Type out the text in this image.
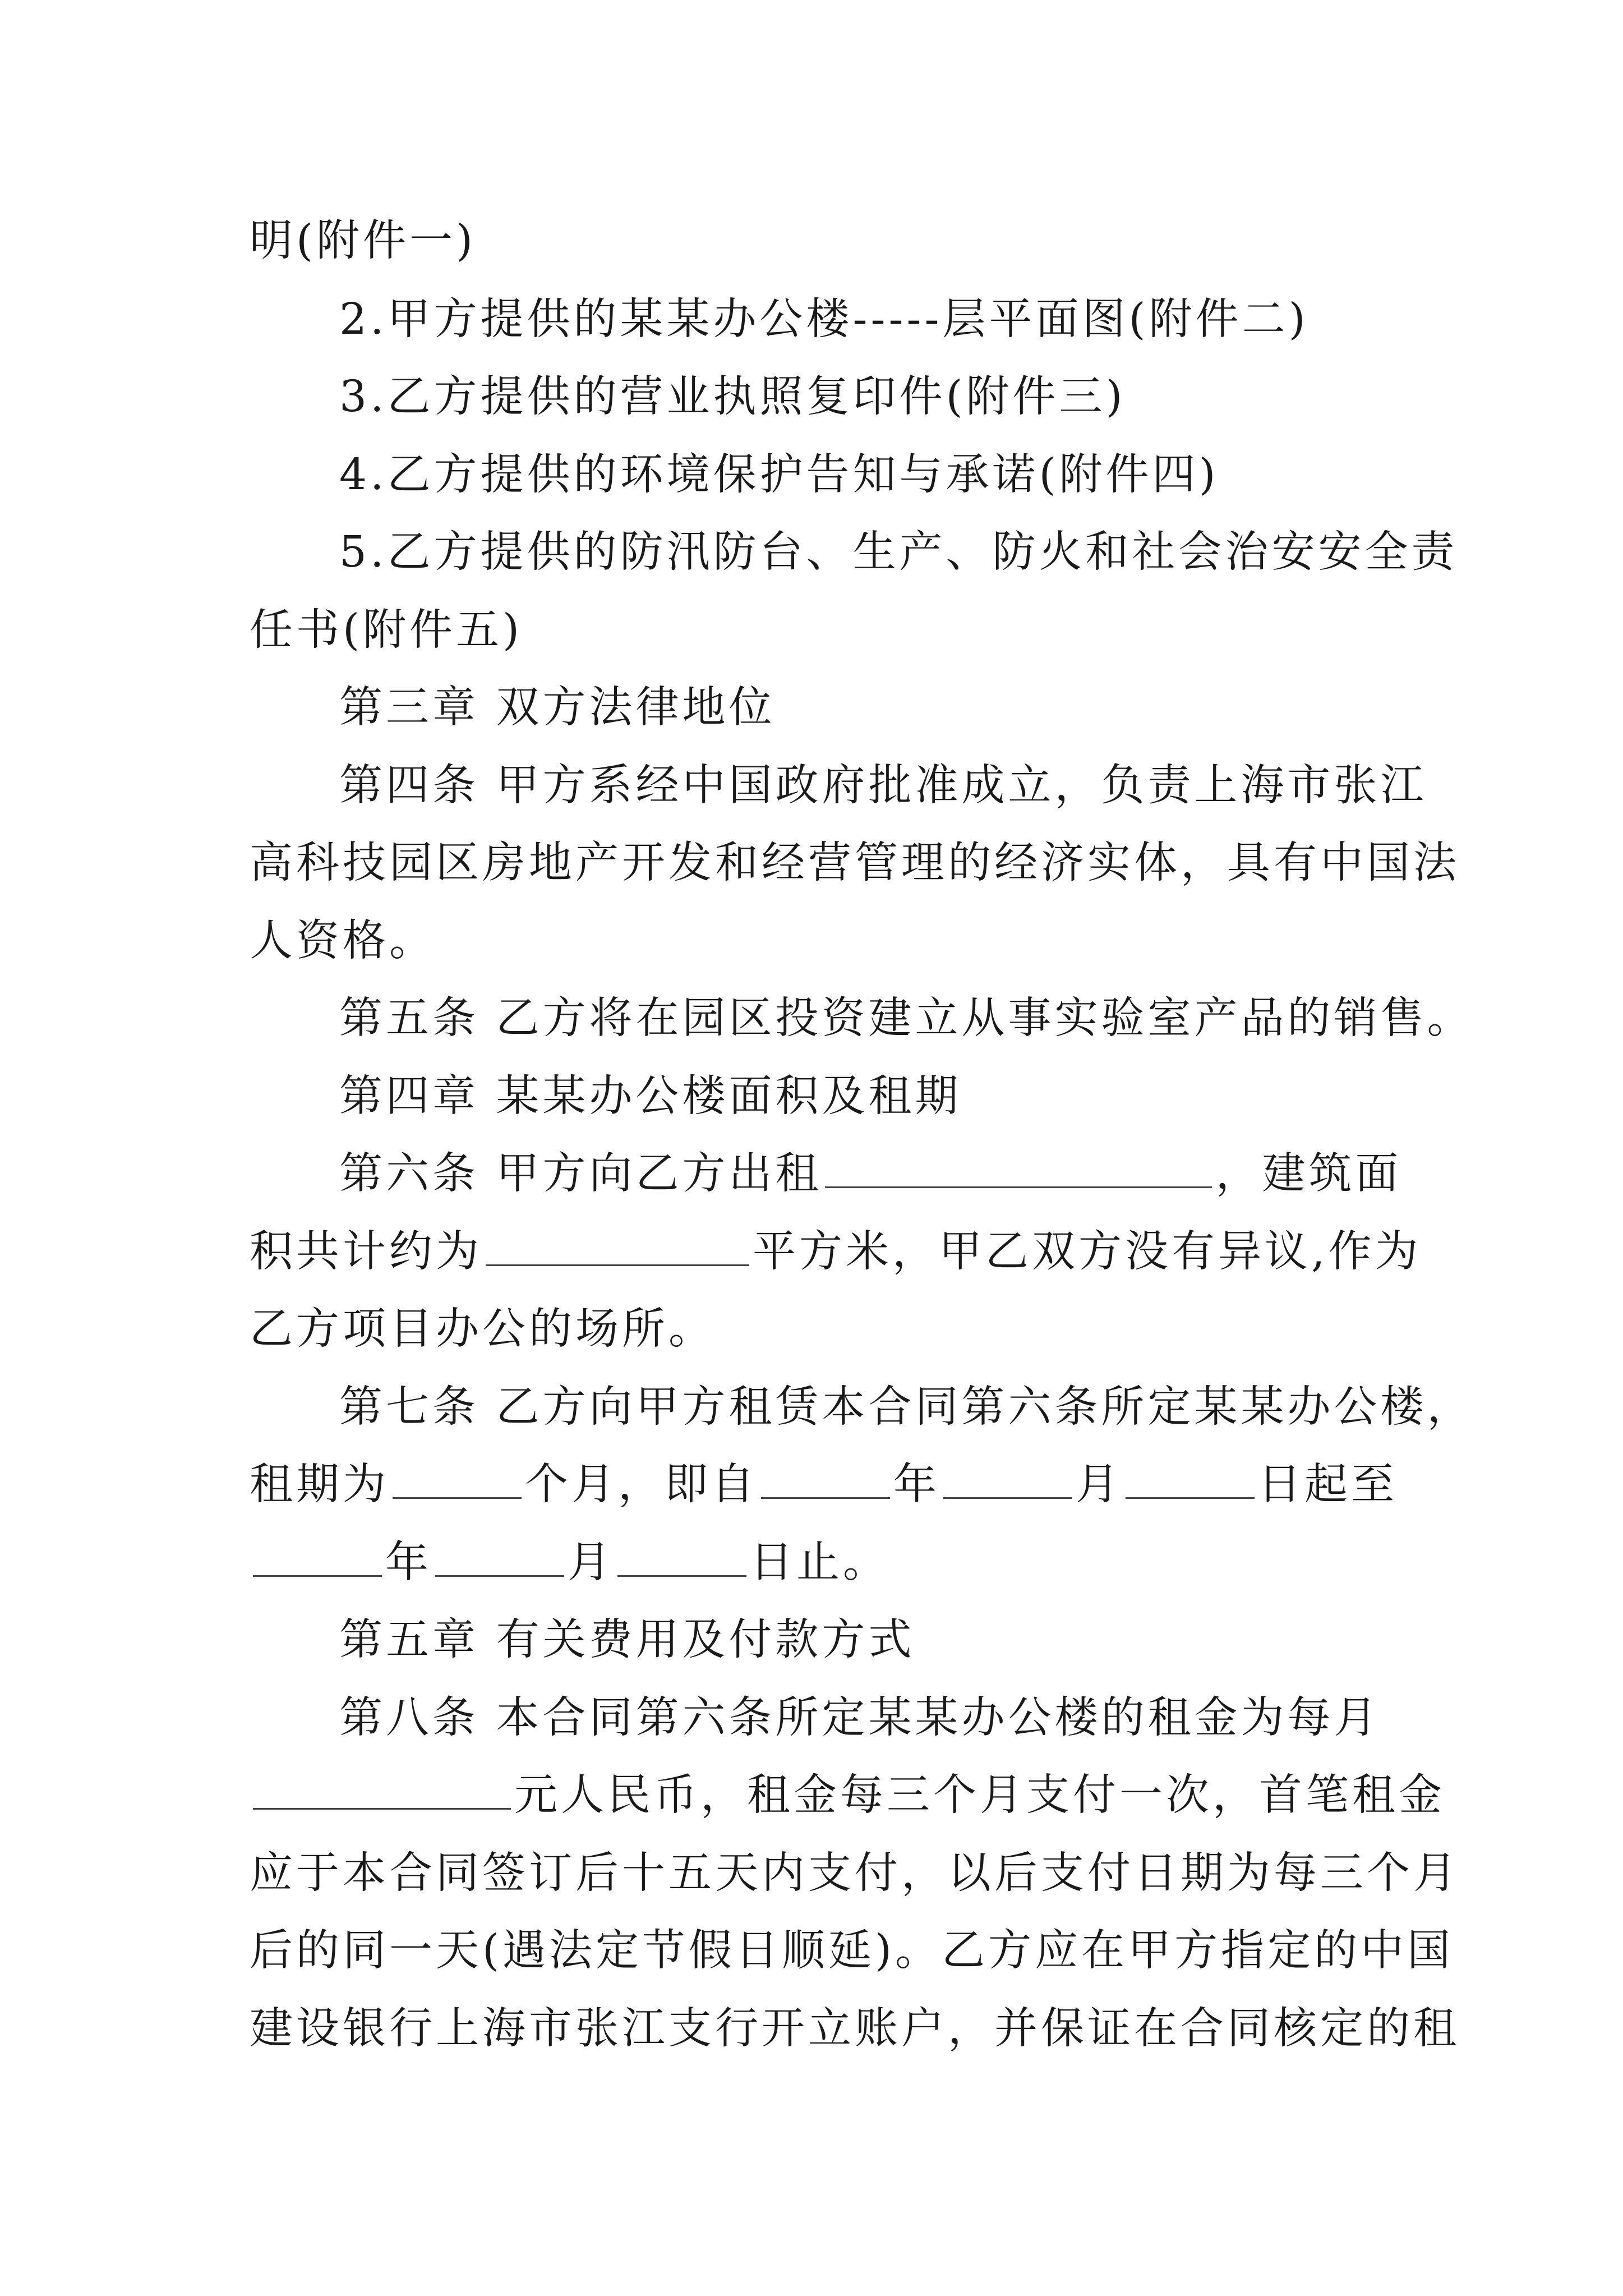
明(附件一)
2.甲方提供的某某办公楼-----层平面图(附件二)
3.乙方提供的营业执照复印件(附件三)
4.乙方提供的环境保护告知与承诺(附件四)
5.乙方提供的防汛防台、生产、防火和社会治安安全责
任书(附件五)
第三章 双方法律地位
第四条 甲方系经中国政府批准成立，负责上海市张江
高科技园区房地产开发和经营管理的经济实体，具有中国法
人资格。
第五条 乙方将在园区投资建立从事实验室产品的销售。
第四章 某某办公楼面积及租期
第六条 甲方向乙方出租	，建筑面
积共计约为	平方米，甲乙双方没有异议,作为
乙方项目办公的场所。
第七条 乙方向甲方租赁本合同第六条所定某某办公楼，
租期为	个月，即自	年	月	日起至
年	月	日止。
第五章 有关费用及付款方式
第八条 本合同第六条所定某某办公楼的租金为每月
元人民币，租金每三个月支付一次，首笔租金
应于本合同签订后十五天内支付，以后支付日期为每三个月
后的同一天(遇法定节假日顺延)。乙方应在甲方指定的中国
建设银行上海市张江支行开立账户，并保证在合同核定的租
